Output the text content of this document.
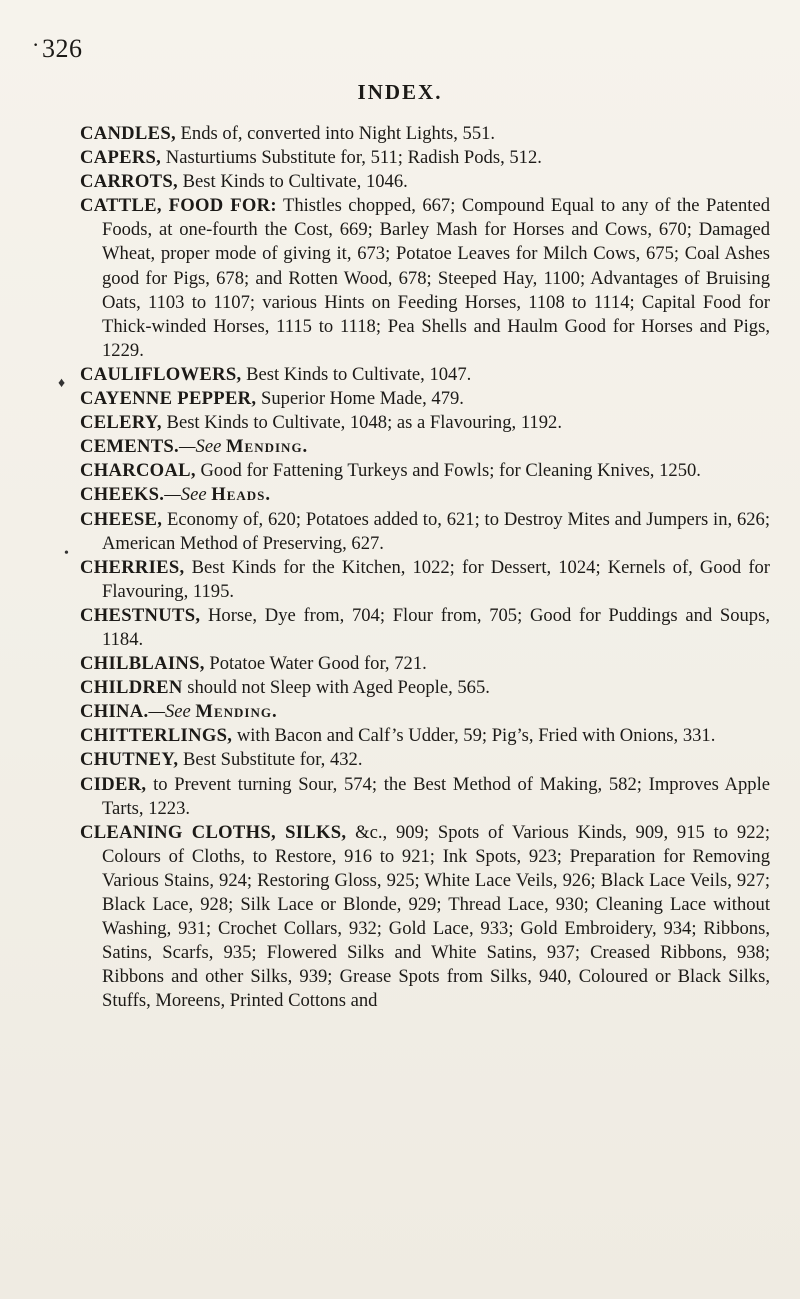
· 326
INDEX.
♦
•

CANDLES, Ends of, converted into Night Lights, 551.

CAPERS, Nasturtiums Substitute for, 511; Radish Pods, 512.

CARROTS, Best Kinds to Cultivate, 1046.

CATTLE, FOOD FOR: Thistles chopped, 667; Compound Equal to any of the Patented Foods, at one-fourth the Cost, 669; Barley Mash for Horses and Cows, 670; Damaged Wheat, proper mode of giving it, 673; Potatoe Leaves for Milch Cows, 675; Coal Ashes good for Pigs, 678; and Rotten Wood, 678; Steeped Hay, 1100; Advantages of Bruising Oats, 1103 to 1107; various Hints on Feeding Horses, 1108 to 1114; Capital Food for Thick-winded Horses, 1115 to 1118; Pea Shells and Haulm Good for Horses and Pigs, 1229.

CAULIFLOWERS, Best Kinds to Cultivate, 1047.

CAYENNE PEPPER, Superior Home Made, 479.

CELERY, Best Kinds to Cultivate, 1048; as a Flavouring, 1192.

CEMENTS.—See Mending.

CHARCOAL, Good for Fattening Turkeys and Fowls; for Cleaning Knives, 1250.

CHEEKS.—See Heads.

CHEESE, Economy of, 620; Potatoes added to, 621; to Destroy Mites and Jumpers in, 626; American Method of Preserving, 627.

CHERRIES, Best Kinds for the Kitchen, 1022; for Dessert, 1024; Kernels of, Good for Flavouring, 1195.

CHESTNUTS, Horse, Dye from, 704; Flour from, 705; Good for Puddings and Soups, 1184.

CHILBLAINS, Potatoe Water Good for, 721.

CHILDREN should not Sleep with Aged People, 565.

CHINA.—See Mending.

CHITTERLINGS, with Bacon and Calf’s Udder, 59; Pig’s, Fried with Onions, 331.

CHUTNEY, Best Substitute for, 432.

CIDER, to Prevent turning Sour, 574; the Best Method of Making, 582; Improves Apple Tarts, 1223.

CLEANING CLOTHS, SILKS, &c., 909; Spots of Various Kinds, 909, 915 to 922; Colours of Cloths, to Restore, 916 to 921; Ink Spots, 923; Preparation for Removing Various Stains, 924; Restoring Gloss, 925; White Lace Veils, 926; Black Lace Veils, 927; Black Lace, 928; Silk Lace or Blonde, 929; Thread Lace, 930; Cleaning Lace without Washing, 931; Crochet Collars, 932; Gold Lace, 933; Gold Embroidery, 934; Ribbons, Satins, Scarfs, 935; Flowered Silks and White Satins, 937; Creased Ribbons, 938; Ribbons and other Silks, 939; Grease Spots from Silks, 940, Coloured or Black Silks, Stuffs, Moreens, Printed Cottons and
